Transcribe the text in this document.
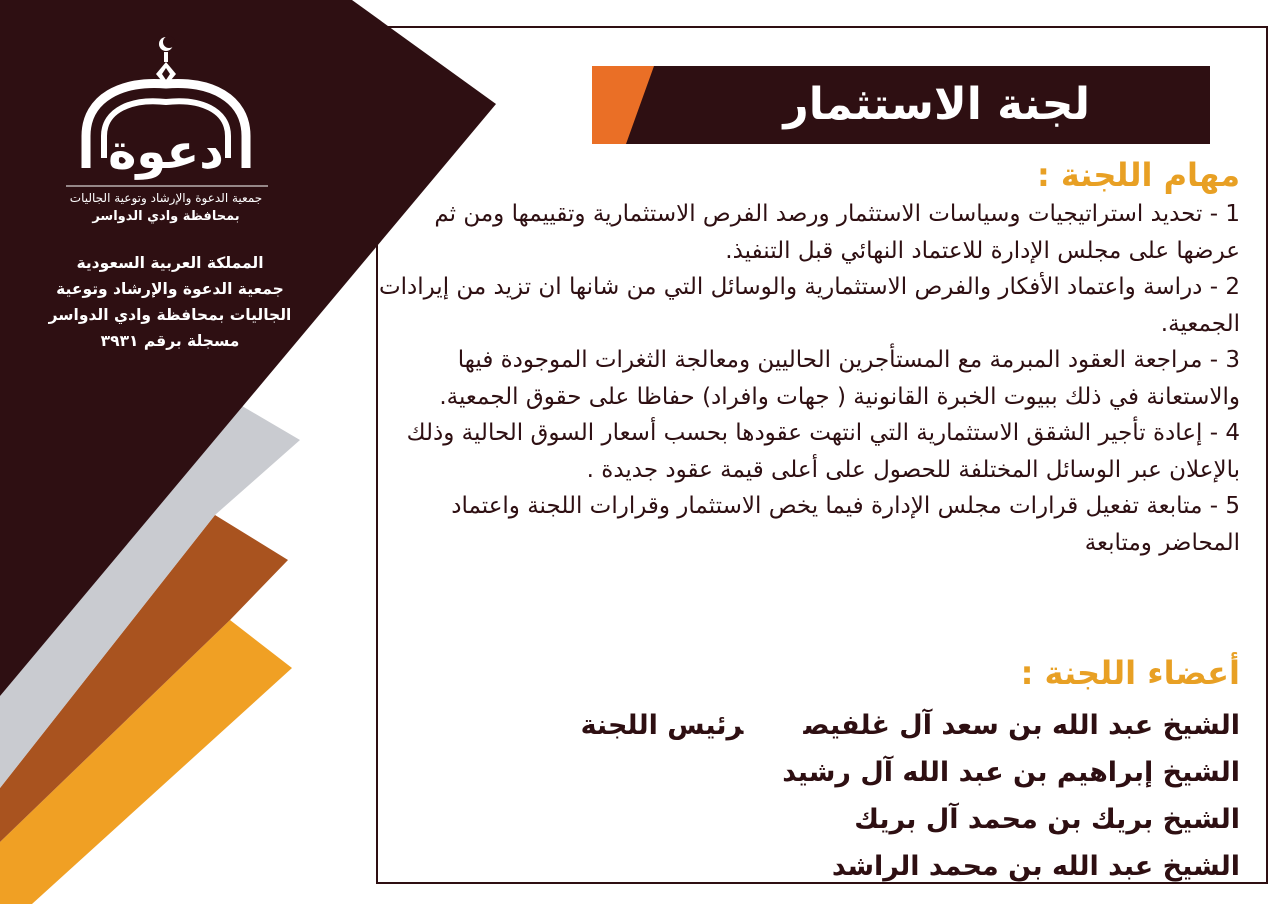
دعوة
جمعية الدعوة والإرشاد وتوعية الجاليات
بمحافظة وادي الدواسر
المملكة العربية السعودية
جمعية الدعوة والإرشاد وتوعية
الجاليات بمحافظة وادي الدواسر
مسجلة برقم ٣٩٣١
لجنة الاستثمار
مهام اللجنة :
1 - تحديد استراتيجيات وسياسات الاستثمار ورصد الفرص الاستثمارية وتقييمها ومن ثم عرضها على مجلس الإدارة للاعتماد النهائي قبل التنفيذ.
2 - دراسة واعتماد الأفكار والفرص الاستثمارية والوسائل التي من شانها ان تزيد من إيرادات الجمعية.
3 - مراجعة العقود المبرمة مع المستأجرين الحاليين ومعالجة الثغرات الموجودة فيها والاستعانة في ذلك ببيوت الخبرة القانونية ( جهات وافراد) حفاظا على حقوق الجمعية.
4 - إعادة تأجير الشقق الاستثمارية التي انتهت عقودها بحسب أسعار السوق الحالية وذلك بالإعلان عبر الوسائل المختلفة للحصول على أعلى قيمة عقود جديدة .
5 - متابعة تفعيل قرارات مجلس الإدارة فيما يخص الاستثمار وقرارات اللجنة واعتماد المحاضر ومتابعة
أعضاء اللجنة :
الشيخ عبد الله بن سعد آل غلفيصرئيس اللجنة
الشيخ إبراهيم بن عبد الله آل رشيد
الشيخ بريك بن محمد آل بريك
الشيخ عبد الله بن محمد الراشد
